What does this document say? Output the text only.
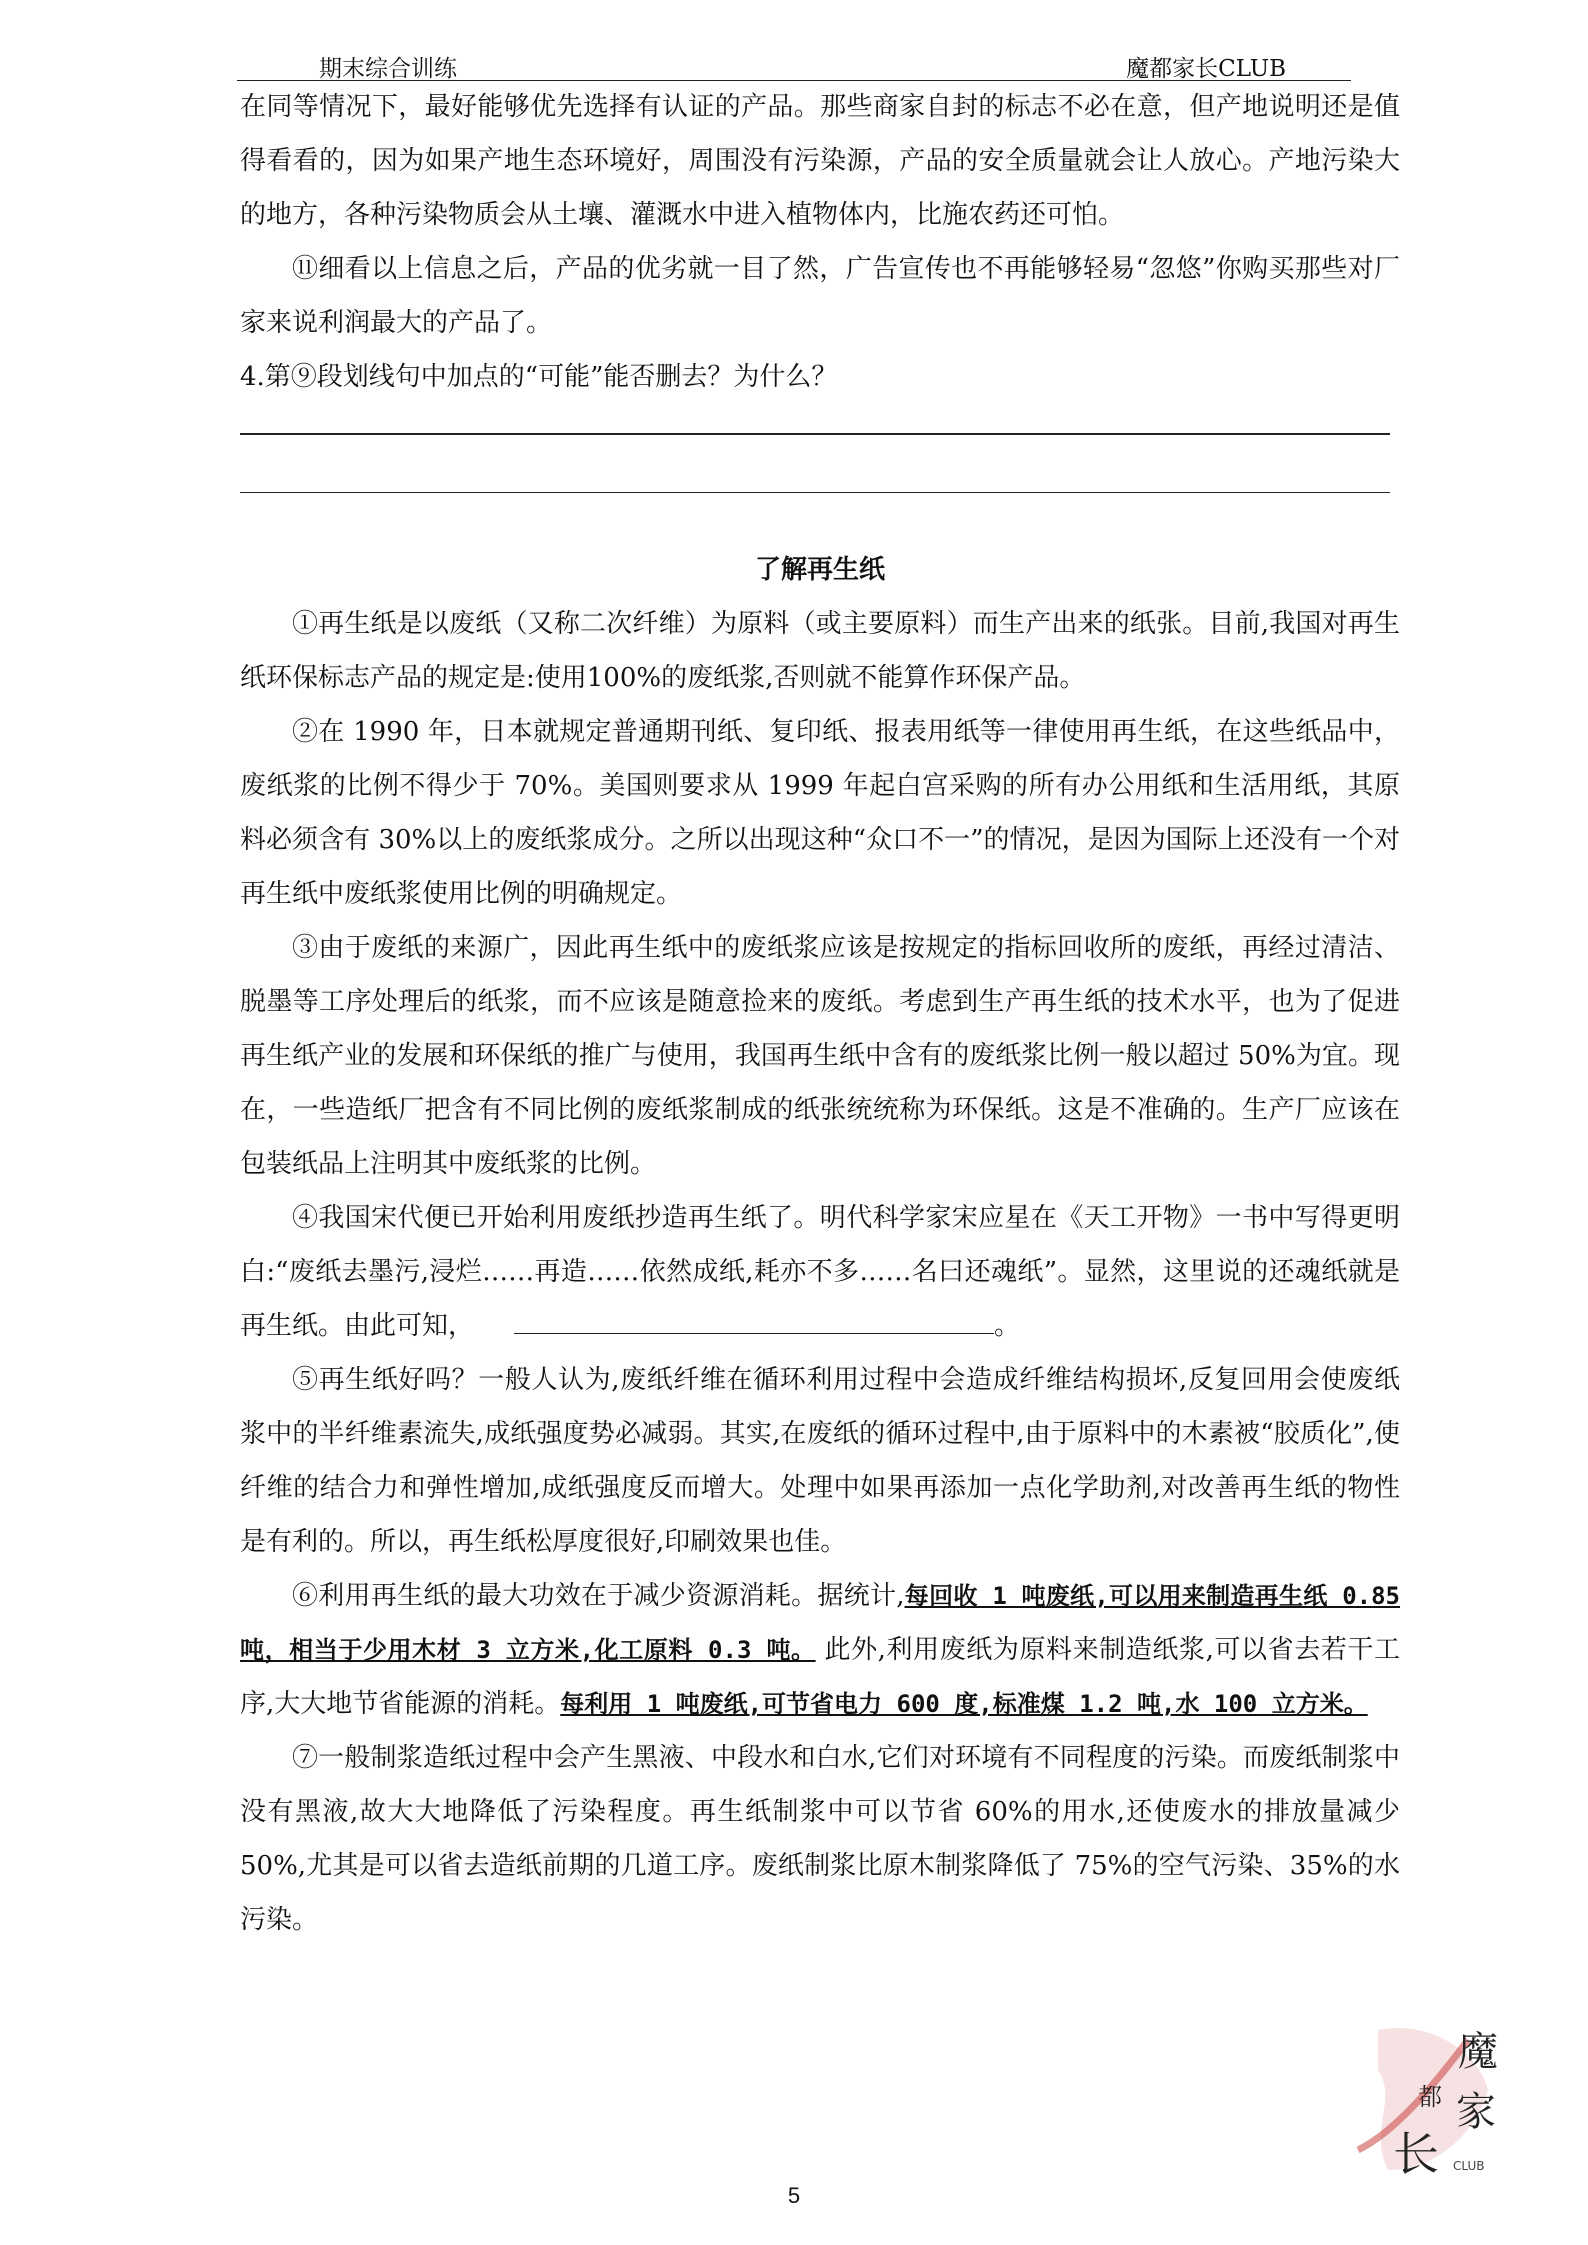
期末综合训练	魔都家长CLUB

在同等情况下，最好能够优先选择有认证的产品。那些商家自封的标志不必在意，但产地说明还是值得看看的，因为如果产地生态环境好，周围没有污染源，产品的安全质量就会让人放心。产地污染大的地方，各种污染物质会从土壤、灌溉水中进入植物体内，比施农药还可怕。

⑪细看以上信息之后，产品的优劣就一目了然，广告宣传也不再能够轻易“忽悠”你购买那些对厂家来说利润最大的产品了。

4.第⑨段划线句中加点的“可能”能否删去？为什么？

了解再生纸

①再生纸是以废纸（又称二次纤维）为原料（或主要原料）而生产出来的纸张。目前,我国对再生纸环保标志产品的规定是:使用100%的废纸浆,否则就不能算作环保产品。

②在 1990 年，日本就规定普通期刊纸、复印纸、报表用纸等一律使用再生纸，在这些纸品中，废纸浆的比例不得少于 70%。美国则要求从 1999 年起白宫采购的所有办公用纸和生活用纸，其原料必须含有 30%以上的废纸浆成分。之所以出现这种“众口不一”的情况，是因为国际上还没有一个对再生纸中废纸浆使用比例的明确规定。

③由于废纸的来源广，因此再生纸中的废纸浆应该是按规定的指标回收所的废纸，再经过清洁、脱墨等工序处理后的纸浆，而不应该是随意捡来的废纸。考虑到生产再生纸的技术水平，也为了促进再生纸产业的发展和环保纸的推广与使用，我国再生纸中含有的废纸浆比例一般以超过 50%为宜。现在，一些造纸厂把含有不同比例的废纸浆制成的纸张统统称为环保纸。这是不准确的。生产厂应该在包装纸品上注明其中废纸浆的比例。

④我国宋代便已开始利用废纸抄造再生纸了。明代科学家宋应星在《天工开物》一书中写得更明白:“废纸去墨污,浸烂……再造……依然成纸,耗亦不多……名曰还魂纸”。显然，这里说的还魂纸就是再生纸。由此可知，	。

⑤再生纸好吗？一般人认为,废纸纤维在循环利用过程中会造成纤维结构损坏,反复回用会使废纸浆中的半纤维素流失,成纸强度势必减弱。其实,在废纸的循环过程中,由于原料中的木素被“胶质化”,使纤维的结合力和弹性增加,成纸强度反而增大。处理中如果再添加一点化学助剂,对改善再生纸的物性是有利的。所以，再生纸松厚度很好,印刷效果也佳。

⑥利用再生纸的最大功效在于减少资源消耗。据统计,每回收 1 吨废纸,可以用来制造再生纸 0.85 吨，相当于少用木材 3 立方米,化工原料 0.3 吨。 此外,利用废纸为原料来制造纸浆,可以省去若干工序,大大地节省能源的消耗。每利用 1 吨废纸,可节省电力 600 度,标准煤 1.2 吨,水 100 立方米。

⑦一般制浆造纸过程中会产生黑液、中段水和白水,它们对环境有不同程度的污染。而废纸制浆中没有黑液,故大大地降低了污染程度。再生纸制浆中可以节省 60%的用水,还使废水的排放量减少 50%,尤其是可以省去造纸前期的几道工序。废纸制浆比原木制浆降低了 75%的空气污染、35%的水污染。

5
魔
都 家
长 CLUB
